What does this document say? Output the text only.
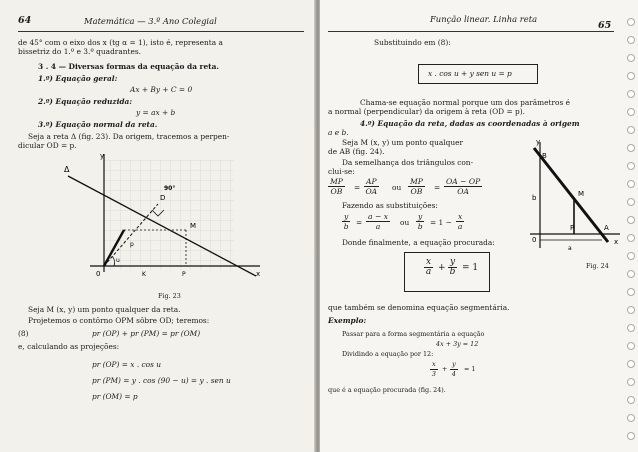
64	Matemática — 3.º Ano Colegial
de 45° com o eixo dos x (tg α = 1), isto é, representa a
bissetriz do 1.º e 3.º quadrantes.
3 . 4 — Diversas formas da equação da reta.
1.º) Equação geral:
Ax + By + C = 0
2.º) Equação reduzida:
y = ax + b
3.º) Equação normal da reta.
Seja a reta Δ (fig. 23). Da origem, tracemos a perpen-
dicular OD = p.
y
Δ
D
90°
M
u
p
0	x
K	P
Fig. 23
Seja M (x, y) um ponto qualquer da reta.
Projetemos o contôrno OPM sôbre OD; teremos:
(8)	pr (OP) + pr (PM) = pr (OM)
e, calculando as projeções:
pr (OP) = x . cos u
pr (PM) = y . cos (90 − u) = y . sen u
pr (OM) = p
Função linear. Linha reta
65
Substituindo em (8):
x . cos u + y sen u = p
Chama-se equação normal porque um dos parâmetros é
a normal (perpendicular) da origem à reta (OD = p).
4.º) Equação da reta, dadas as coordenadas à origem
a e b.
Seja M (x, y) um ponto qualquer
de AB (fig. 24).
Da semelhança dos triângulos con-
clui-se:
$\frac{MP}{OB} = \frac{AP}{OA}$ ou $\frac{MP}{OB} = \frac{OA - OP}{OA}$
Fazendo as substituições:
$\frac{y}{b} = \frac{a - x}{a}$ ou $\frac{y}{b} = 1 - \frac{x}{a}$
Donde finalmente, a equação procurada:
$\frac{x}{a} + \frac{y}{b} = 1$
que também se denomina equação segmentária.
Exemplo:
Passar para a forma segmentária a equação
4x + 3y = 12
Dividindo a equação por 12:
$\frac{x}{3} + \frac{y}{4} = 1$
que é a equação procurada (fig. 24).
y
B
M
b
0
P	A
a
x
Fig. 24
